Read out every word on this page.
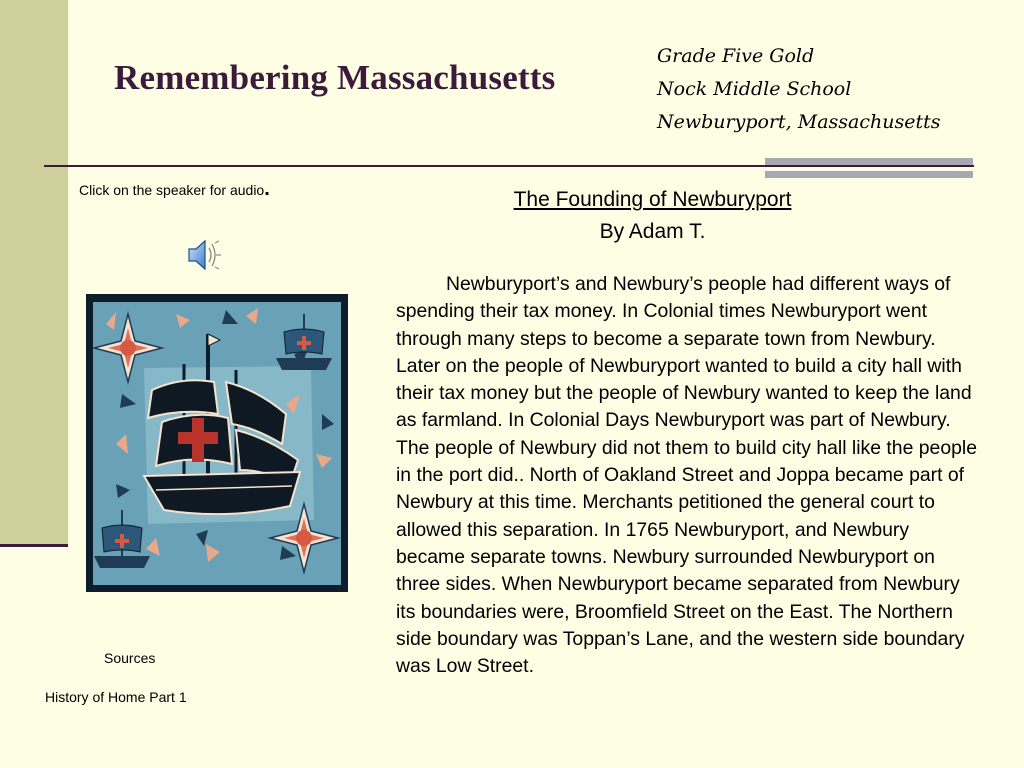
Remembering Massachusetts
Grade Five Gold
Nock Middle School
Newburyport, Massachusetts
Click on the speaker for audio.
Sources
History of Home Part 1
The Founding of Newburyport
By Adam T.

Newburyport’s and Newbury’s people had different ways of spending their tax money. In Colonial times Newburyport went through many steps to become a separate town from Newbury. Later on the people of Newburyport wanted to build a city hall with their tax money but the people of Newbury wanted to keep the land as farmland. In Colonial Days Newburyport was part of Newbury. The people of Newbury did not them to build city hall like the people in the port did.. North of Oakland Street and Joppa became part of Newbury at this time. Merchants petitioned the general court to allowed this separation. In 1765 Newburyport, and Newbury became separate towns. Newbury surrounded Newburyport on three sides. When Newburyport became separated from Newbury its boundaries were, Broomfield Street on the East. The Northern side boundary was Toppan’s Lane, and the western side boundary was Low Street.
